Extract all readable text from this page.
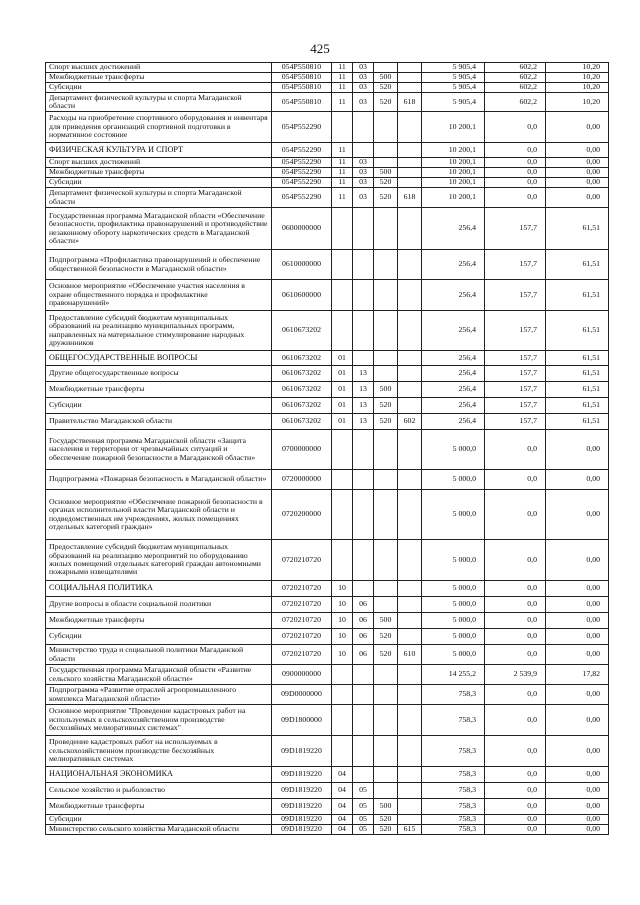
425
Спорт высших достижений	054P550810	11	03			5 905,4	602,2	10,20
Межбюджетные трансферты	054P550810	11	03	500		5 905,4	602,2	10,20
Субсидии	054P550810	11	03	520		5 905,4	602,2	10,20
Департамент физической культуры и спорта Магаданской области	054P550810	11	03	520	618	5 905,4	602,2	10,20
Расходы на приобретение спортивного оборудования и инвентаря для приведения организаций спортивной подготовки в нормативное состояние	054P552290					10 200,1	0,0	0,00
ФИЗИЧЕСКАЯ КУЛЬТУРА И СПОРТ	054P552290	11				10 200,1	0,0	0,00
Спорт высших достижений	054P552290	11	03			10 200,1	0,0	0,00
Межбюджетные трансферты	054P552290	11	03	500		10 200,1	0,0	0,00
Субсидии	054P552290	11	03	520		10 200,1	0,0	0,00
Департамент физической культуры и спорта Магаданской области	054P552290	11	03	520	618	10 200,1	0,0	0,00
Государственная программа Магаданской области «Обеспечение безопасности, профилактика правонарушений и противодействие незаконному обороту наркотических средств в Магаданской области»	0600000000					256,4	157,7	61,51
Подпрограмма «Профилактика правонарушений и обеспечение общественной безопасности в Магаданской области»	0610000000					256,4	157,7	61,51
Основное мероприятие «Обеспечение участия населения в охране общественного порядка и профилактике правонарушений»	0610600000					256,4	157,7	61,51
Предоставление субсидий бюджетам муниципальных образований на реализацию муниципальных программ, направленных на материальное стимулирование народных дружинников	0610673202					256,4	157,7	61,51
ОБЩЕГОСУДАРСТВЕННЫЕ ВОПРОСЫ	0610673202	01				256,4	157,7	61,51
Другие общегосударственные вопросы	0610673202	01	13			256,4	157,7	61,51
Межбюджетные трансферты	0610673202	01	13	500		256,4	157,7	61,51
Субсидии	0610673202	01	13	520		256,4	157,7	61,51
Правительство Магаданской области	0610673202	01	13	520	602	256,4	157,7	61,51
Государственная программа Магаданской области «Защита населения и территории от чрезвычайных ситуаций и обеспечение пожарной безопасности в Магаданской области»	0700000000					5 000,0	0,0	0,00
Подпрограмма «Пожарная безопасность в Магаданской области»	0720000000					5 000,0	0,0	0,00
Основное мероприятие «Обеспечение пожарной безопасности в органах исполнительной власти Магаданской области и подведомственных им учреждениях, жилых помещениях отдельных категорий граждан»	0720200000					5 000,0	0,0	0,00
Предоставление субсидий бюджетам муниципальных образований на реализацию мероприятий по оборудованию жилых помещений отдельных категорий граждан автономными пожарными извещателями	0720210720					5 000,0	0,0	0,00
СОЦИАЛЬНАЯ ПОЛИТИКА	0720210720	10				5 000,0	0,0	0,00
Другие вопросы в области социальной политики	0720210720	10	06			5 000,0	0,0	0,00
Межбюджетные трансферты	0720210720	10	06	500		5 000,0	0,0	0,00
Субсидии	0720210720	10	06	520		5 000,0	0,0	0,00
Министерство труда и социальной политики Магаданской области	0720210720	10	06	520	610	5 000,0	0,0	0,00
Государственная программа Магаданской области «Развитие сельского хозяйства Магаданской области»	0900000000					14 255,2	2 539,9	17,82
Подпрограмма «Развитие отраслей агропромышленного комплекса Магаданской области»	09D0000000					758,3	0,0	0,00
Основное мероприятие "Проведение кадастровых работ на используемых в сельскохозяйственном производстве бесхозяйных мелиоративных системах"	09D1800000					758,3	0,0	0,00
Проведение кадастровых работ на используемых в сельскохозяйственном производстве бесхозяйных мелиоративных системах	09D1819220					758,3	0,0	0,00
НАЦИОНАЛЬНАЯ ЭКОНОМИКА	09D1819220	04				758,3	0,0	0,00
Сельское хозяйство и рыболовство	09D1819220	04	05			758,3	0,0	0,00
Межбюджетные трансферты	09D1819220	04	05	500		758,3	0,0	0,00
Субсидии	09D1819220	04	05	520		758,3	0,0	0,00
Министерство сельского хозяйства Магаданской области	09D1819220	04	05	520	615	758,3	0,0	0,00
